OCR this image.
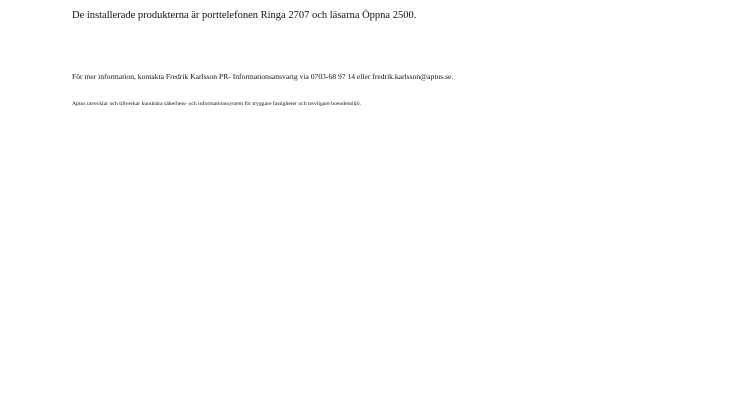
De installerade produkterna är porttelefonen Ringa 2707 och läsarna Öppna 2500.
För mer information, kontakta Fredrik Karlsson PR- Informationsansvarig via 0703-68 97 14 eller fredrik.karlsson@aptus.se.
Aptus utvecklar och tillverkar kundnära säkerhets- och informationssystem för tryggare fastigheter och trevligare boendemiljö.
